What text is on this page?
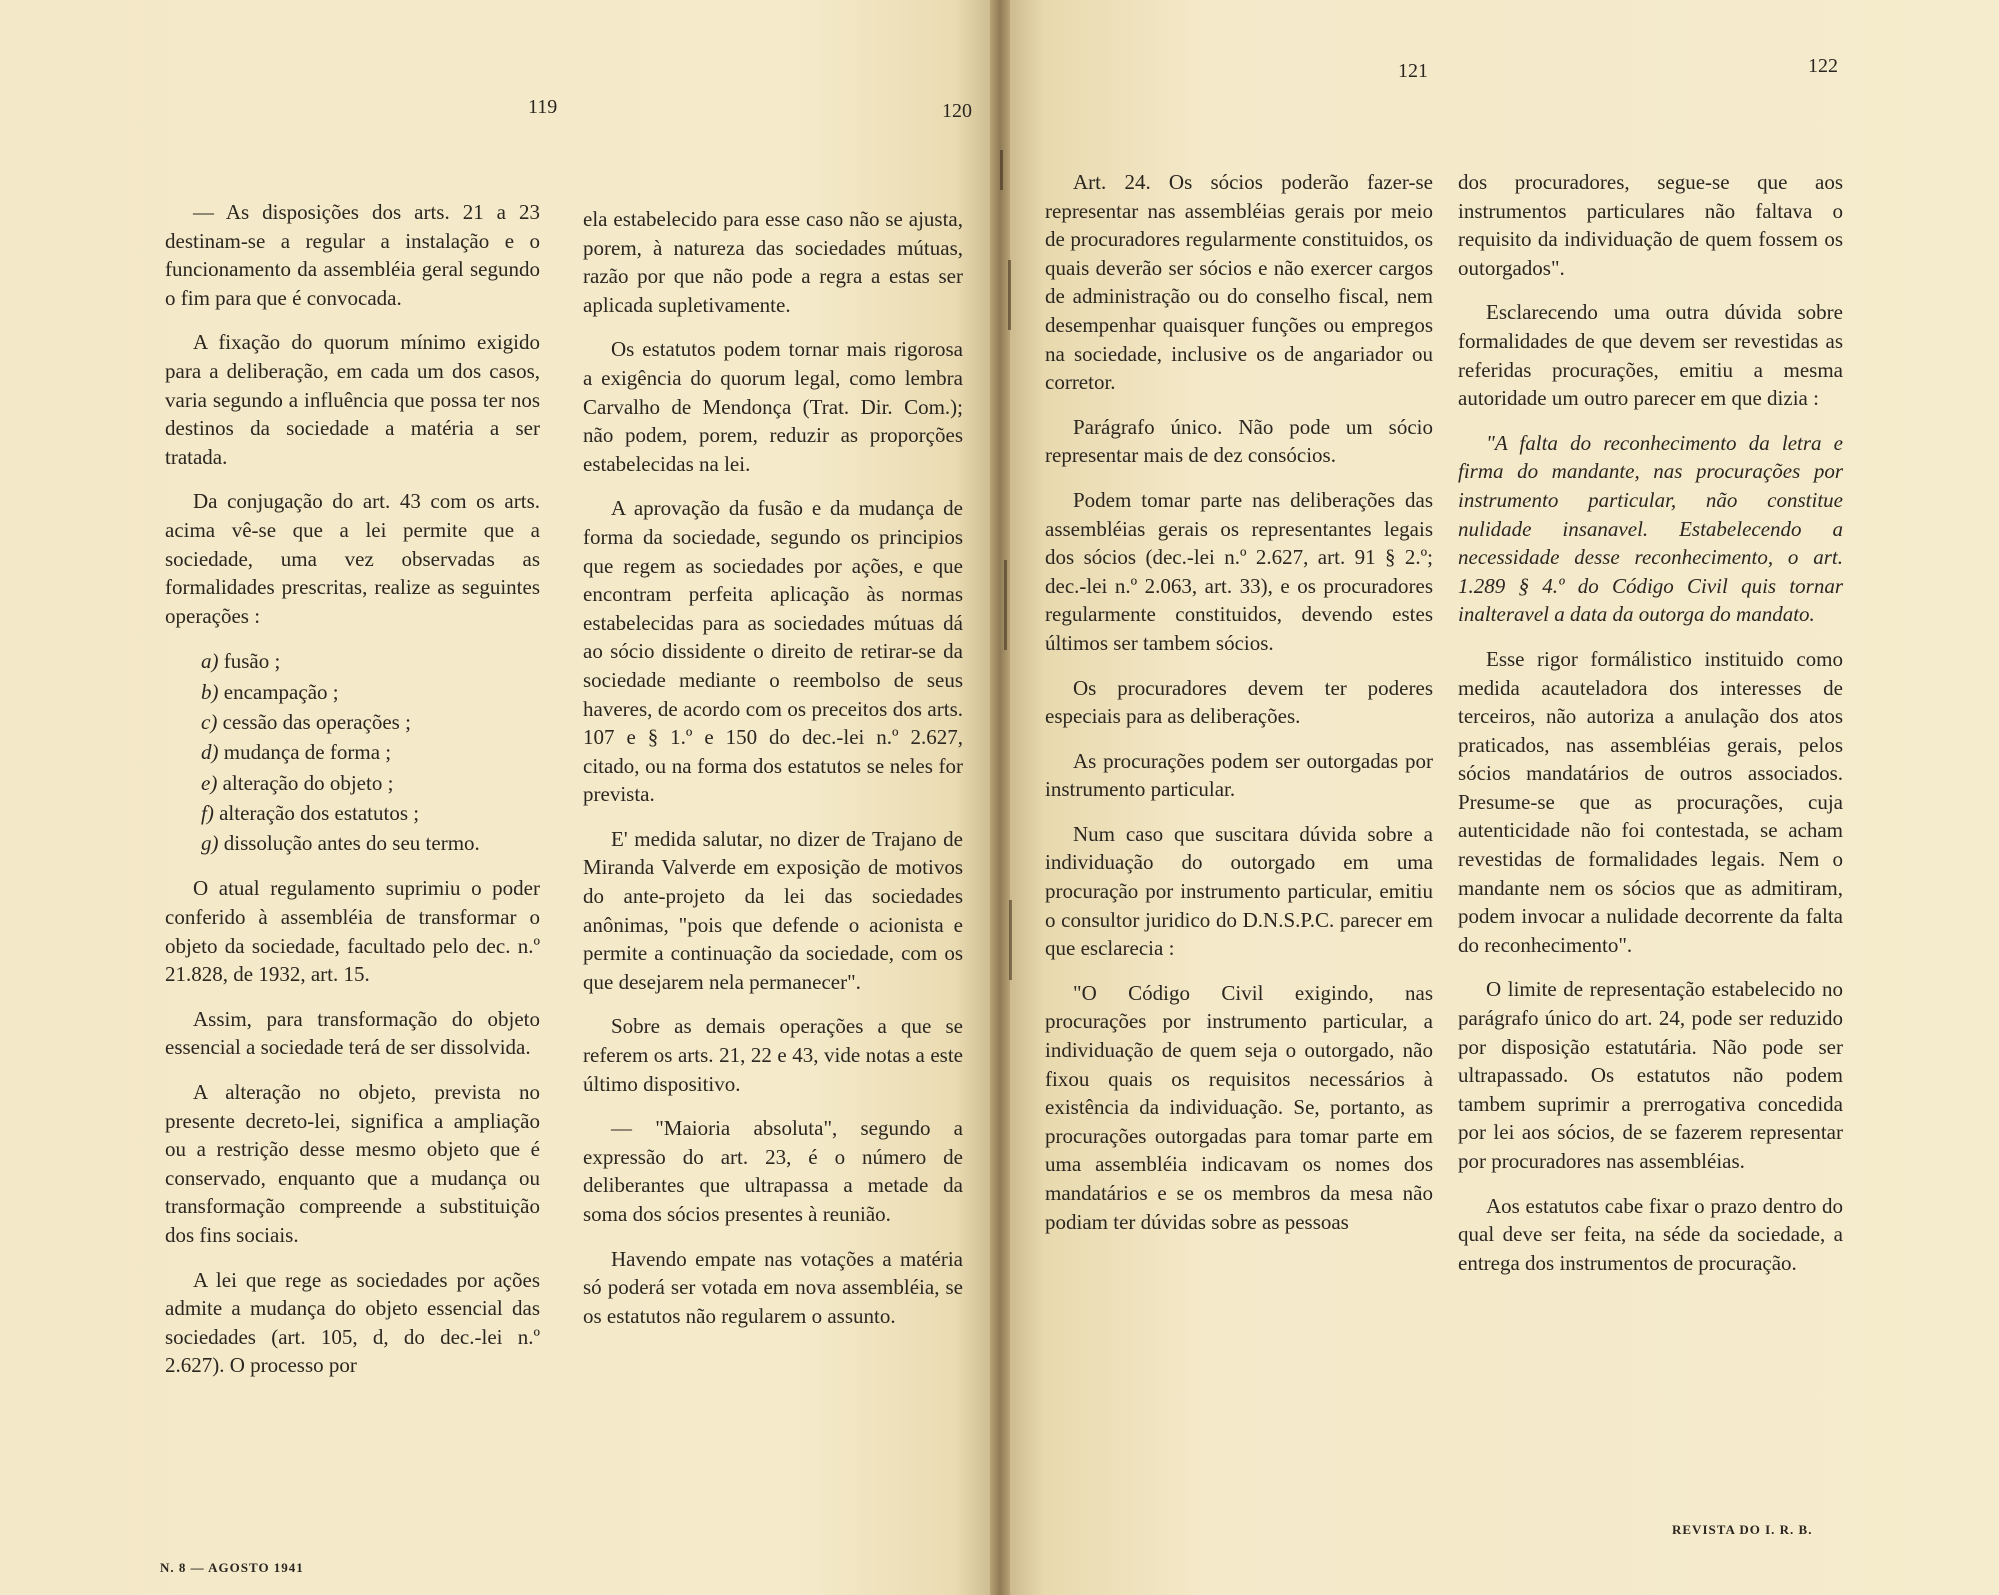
119	120
121	122

— As disposições dos arts. 21 a 23 destinam-se a regular a instalação e o funcionamento da assembléia geral segundo o fim para que é convocada.

A fixação do quorum mínimo exigido para a deliberação, em cada um dos casos, varia segundo a influência que possa ter nos destinos da sociedade a matéria a ser tratada.

Da conjugação do art. 43 com os arts. acima vê-se que a lei permite que a sociedade, uma vez observadas as formalidades prescritas, realize as seguintes operações :

a) fusão ;
b) encampação ;
c) cessão das operações ;
d) mudança de forma ;
e) alteração do objeto ;
f) alteração dos estatutos ;
g) dissolução antes do seu termo.

O atual regulamento suprimiu o poder conferido à assembléia de transformar o objeto da sociedade, facultado pelo dec. n.º 21.828, de 1932, art. 15.

Assim, para transformação do objeto essencial a sociedade terá de ser dissolvida.

A alteração no objeto, prevista no presente decreto-lei, significa a ampliação ou a restrição desse mesmo objeto que é conservado, enquanto que a mudança ou transformação compreende a substituição dos fins sociais.

A lei que rege as sociedades por ações admite a mudança do objeto essencial das sociedades (art. 105, d, do dec.-lei n.º 2.627). O processo por

ela estabelecido para esse caso não se ajusta, porem, à natureza das sociedades mútuas, razão por que não pode a regra a estas ser aplicada supletivamente.

Os estatutos podem tornar mais rigorosa a exigência do quorum legal, como lembra Carvalho de Mendonça (Trat. Dir. Com.); não podem, porem, reduzir as proporções estabelecidas na lei.

A aprovação da fusão e da mudança de forma da sociedade, segundo os principios que regem as sociedades por ações, e que encontram perfeita aplicação às normas estabelecidas para as sociedades mútuas dá ao sócio dissidente o direito de retirar-se da sociedade mediante o reembolso de seus haveres, de acordo com os preceitos dos arts. 107 e § 1.º e 150 do dec.-lei n.º 2.627, citado, ou na forma dos estatutos se neles for prevista.

E' medida salutar, no dizer de Trajano de Miranda Valverde em exposição de motivos do ante-projeto da lei das sociedades anônimas, "pois que defende o acionista e permite a continuação da sociedade, com os que desejarem nela permanecer".

Sobre as demais operações a que se referem os arts. 21, 22 e 43, vide notas a este último dispositivo.

— "Maioria absoluta", segundo a expressão do art. 23, é o número de deliberantes que ultrapassa a metade da soma dos sócios presentes à reunião.

Havendo empate nas votações a matéria só poderá ser votada em nova assembléia, se os estatutos não regularem o assunto.

Art. 24. Os sócios poderão fazer-se representar nas assembléias gerais por meio de procuradores regularmente constituidos, os quais deverão ser sócios e não exercer cargos de administração ou do conselho fiscal, nem desempenhar quaisquer funções ou empregos na sociedade, inclusive os de angariador ou corretor.

Parágrafo único. Não pode um sócio representar mais de dez consócios.

Podem tomar parte nas deliberações das assembléias gerais os representantes legais dos sócios (dec.-lei n.º 2.627, art. 91 § 2.º; dec.-lei n.º 2.063, art. 33), e os procuradores regularmente constituidos, devendo estes últimos ser tambem sócios.

Os procuradores devem ter poderes especiais para as deliberações.

As procurações podem ser outorgadas por instrumento particular.

Num caso que suscitara dúvida sobre a individuação do outorgado em uma procuração por instrumento particular, emitiu o consultor juridico do D.N.S.P.C. parecer em que esclarecia :

"O Código Civil exigindo, nas procurações por instrumento particular, a individuação de quem seja o outorgado, não fixou quais os requisitos necessários à existência da individuação. Se, portanto, as procurações outorgadas para tomar parte em uma assembléia indicavam os nomes dos mandatários e se os membros da mesa não podiam ter dúvidas sobre as pessoas

dos procuradores, segue-se que aos instrumentos particulares não faltava o requisito da individuação de quem fossem os outorgados".

Esclarecendo uma outra dúvida sobre formalidades de que devem ser revestidas as referidas procurações, emitiu a mesma autoridade um outro parecer em que dizia :

"A falta do reconhecimento da letra e firma do mandante, nas procurações por instrumento particular, não constitue nulidade insanavel. Estabelecendo a necessidade desse reconhecimento, o art. 1.289 § 4.º do Código Civil quis tornar inalteravel a data da outorga do mandato.

Esse rigor formálistico instituido como medida acauteladora dos interesses de terceiros, não autoriza a anulação dos atos praticados, nas assembléias gerais, pelos sócios mandatários de outros associados. Presume-se que as procurações, cuja autenticidade não foi contestada, se acham revestidas de formalidades legais. Nem o mandante nem os sócios que as admitiram, podem invocar a nulidade decorrente da falta do reconhecimento".

O limite de representação estabelecido no parágrafo único do art. 24, pode ser reduzido por disposição estatutária. Não pode ser ultrapassado. Os estatutos não podem tambem suprimir a prerrogativa concedida por lei aos sócios, de se fazerem representar por procuradores nas assembléias.

Aos estatutos cabe fixar o prazo dentro do qual deve ser feita, na séde da sociedade, a entrega dos instrumentos de procuração.

N. 8 — AGOSTO 1941
REVISTA DO I. R. B.
